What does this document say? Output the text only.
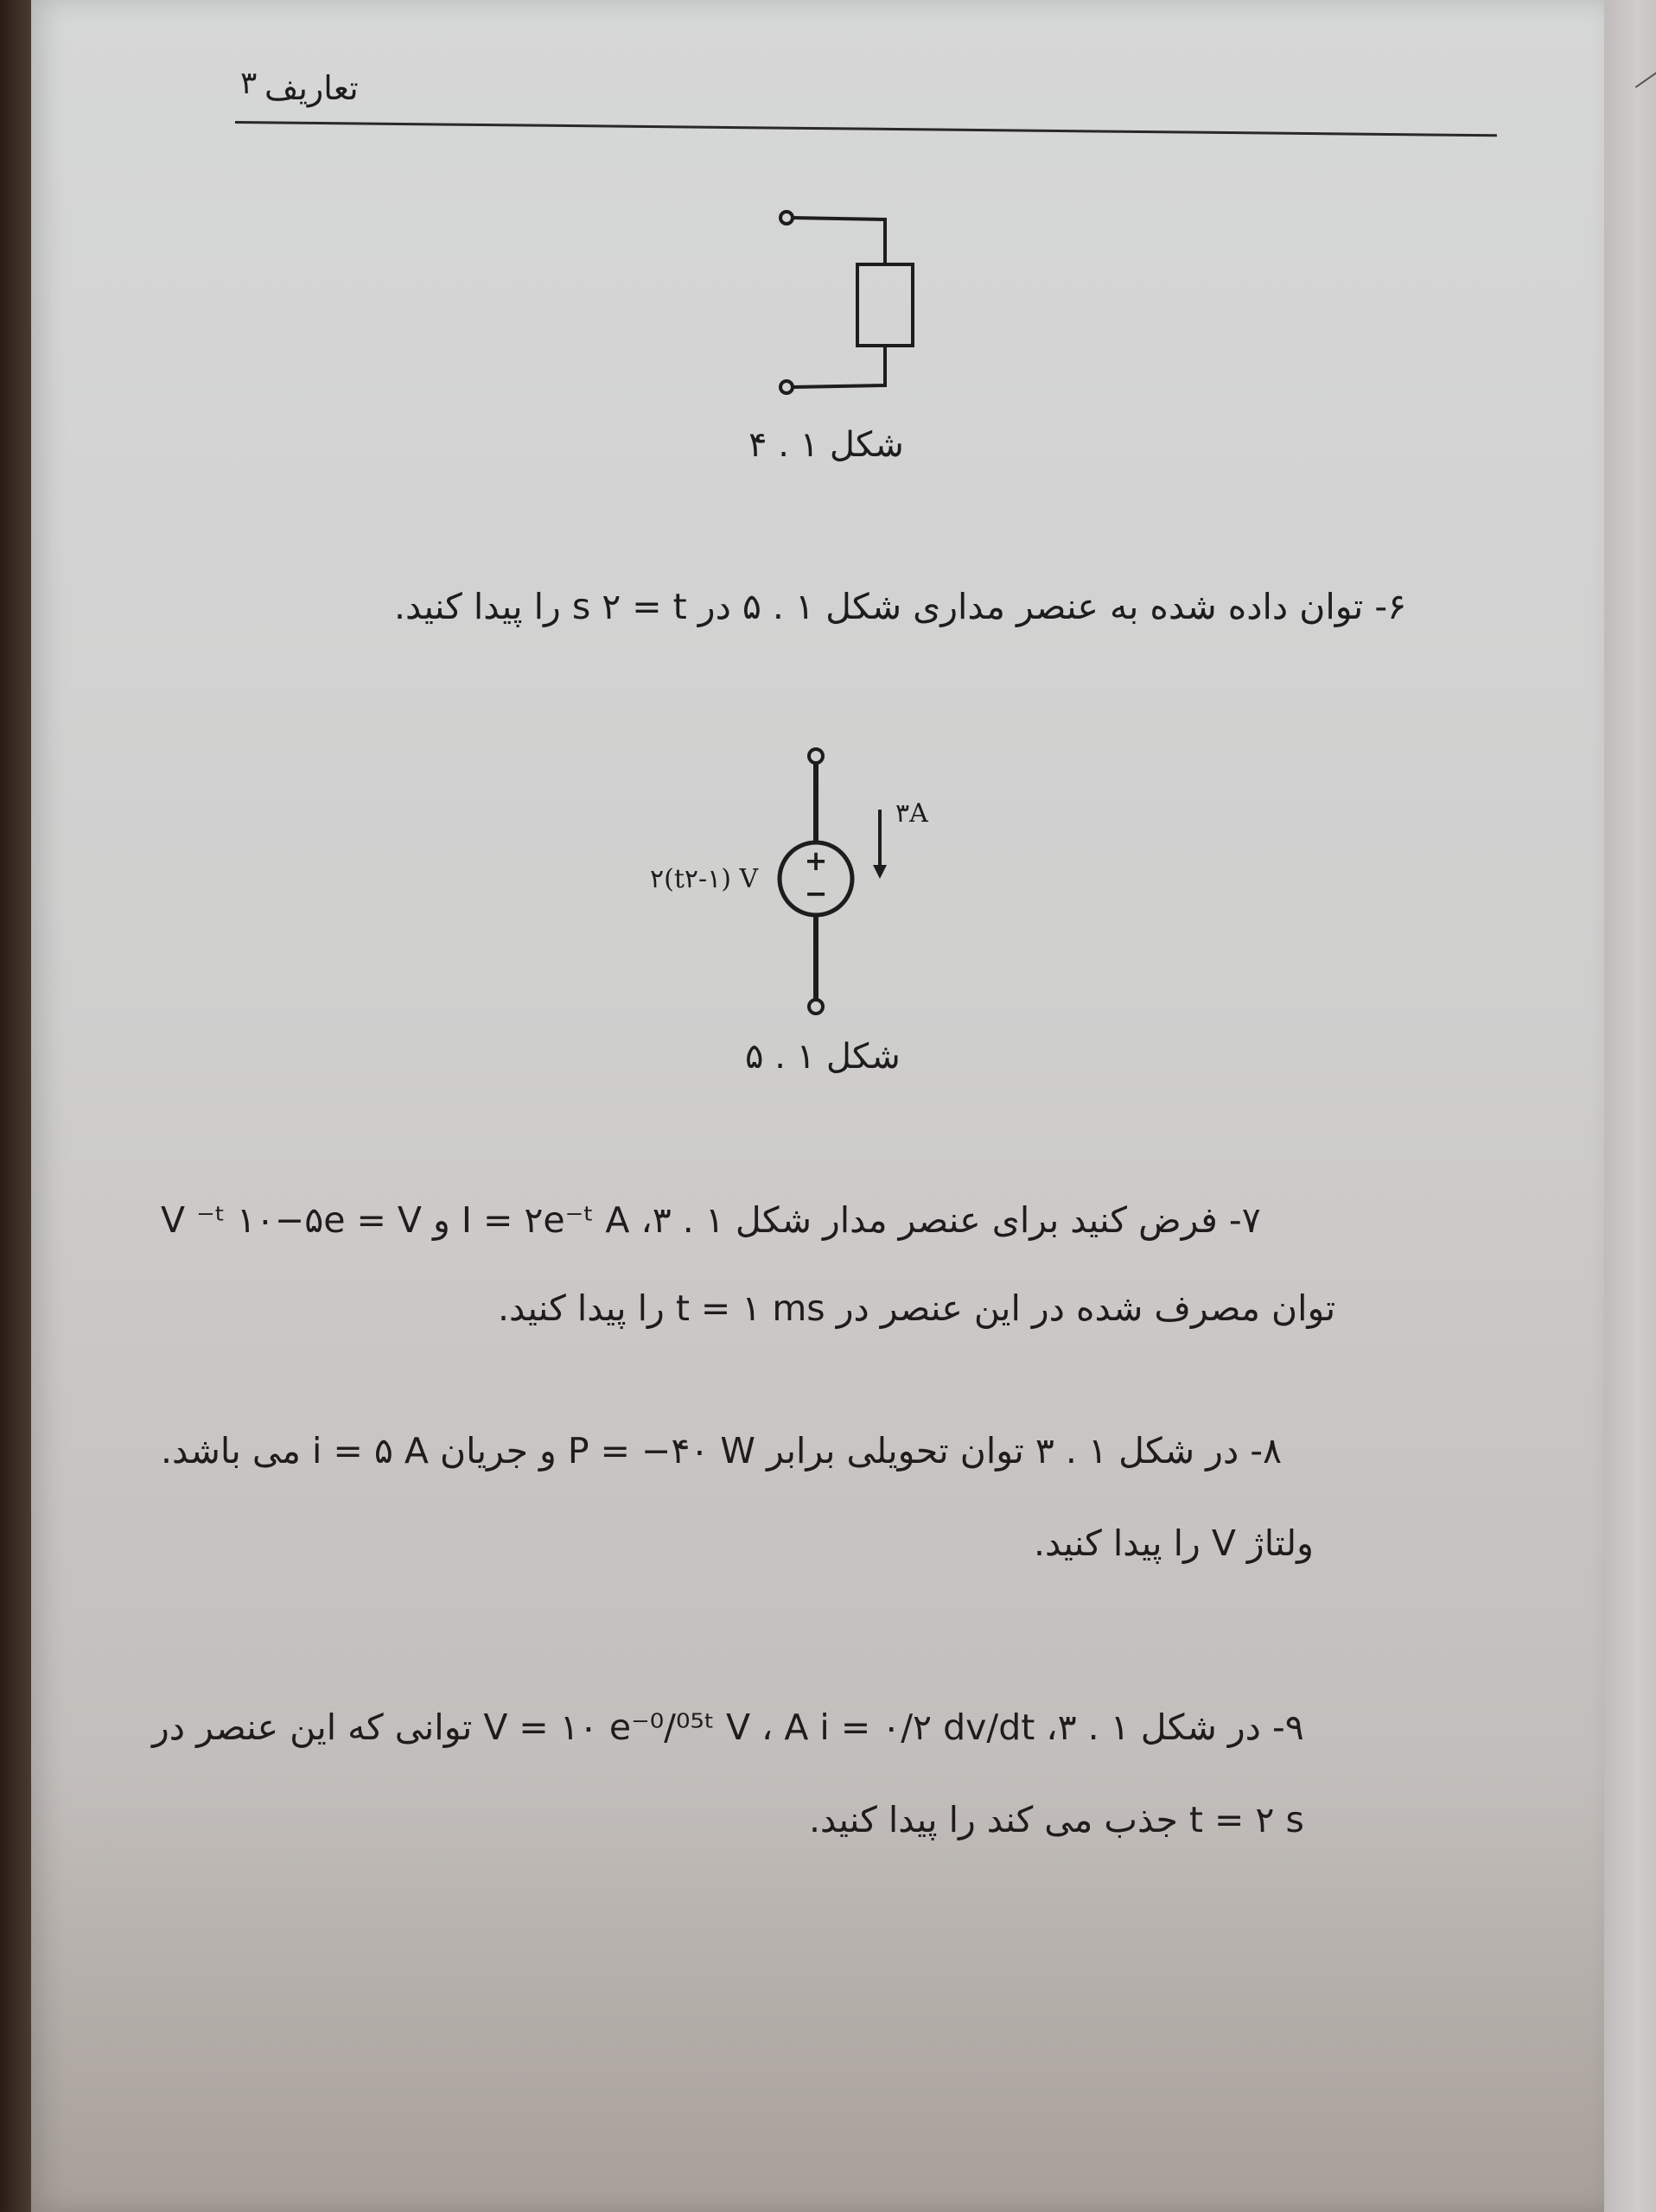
۳ تعاریف
شکل ۱ . ۴
۶- توان داده شده به عنصر مداری شکل ۱ . ۵ در s ۲ = t را پیدا کنید.
+
−
۳A
۲(t۲-۱) V
شکل ۱ . ۵
۷- فرض کنید برای عنصر مدار شکل ۱ . ۳، I = ۲e⁻ᵗ A و V ⁻ᵗ ۱۰−۵e = V
توان مصرف شده در این عنصر در t = ۱ ms را پیدا کنید.
۸- در شکل ۱ . ۳ توان تحویلی برابر P = −۴۰ W و جریان i = ۵ A می باشد.
ولتاژ V را پیدا کنید.
۹- در شکل ۱ . ۳، V = ۱۰ e⁻⁰/⁰⁵ᵗ V ، A i = ۰/۲ dv/dt توانی که این عنصر در
t = ۲ s جذب می کند را پیدا کنید.
